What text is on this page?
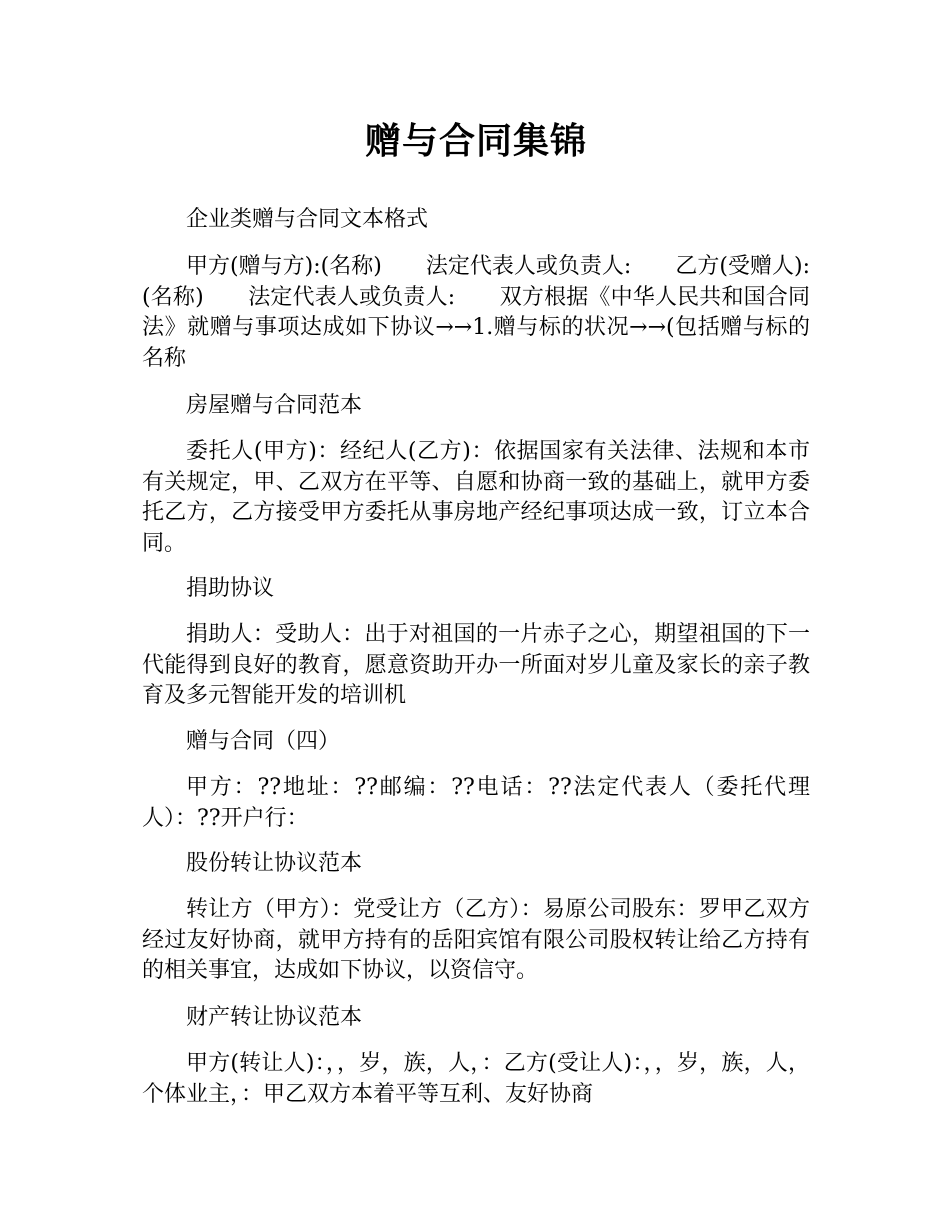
赠与合同集锦

企业类赠与合同文本格式

甲方(赠与方):(名称)　　法定代表人或负责人:　　乙方(受赠人):(名称)　　法定代表人或负责人:　　双方根据《中华人民共和国合同法》就赠与事项达成如下协议→→1.赠与标的状况→→(包括赠与标的名称

房屋赠与合同范本

委托人(甲方)：经纪人(乙方)：依据国家有关法律、法规和本市有关规定，甲、乙双方在平等、自愿和协商一致的基础上，就甲方委托乙方，乙方接受甲方委托从事房地产经纪事项达成一致，订立本合同。

捐助协议

捐助人：受助人：出于对祖国的一片赤子之心，期望祖国的下一代能得到良好的教育，愿意资助开办一所面对岁儿童及家长的亲子教育及多元智能开发的培训机

赠与合同（四）

甲方：??地址：??邮编：??电话：??法定代表人（委托代理人）：??开户行：

股份转让协议范本

转让方（甲方）：党受让方（乙方）：易原公司股东：罗甲乙双方经过友好协商，就甲方持有的岳阳宾馆有限公司股权转让给乙方持有的相关事宜，达成如下协议，以资信守。

财产转让协议范本

甲方(转让人)：，，岁，族，人，：乙方(受让人)：，，岁，族，人，个体业主，：甲乙双方本着平等互利、友好协商
